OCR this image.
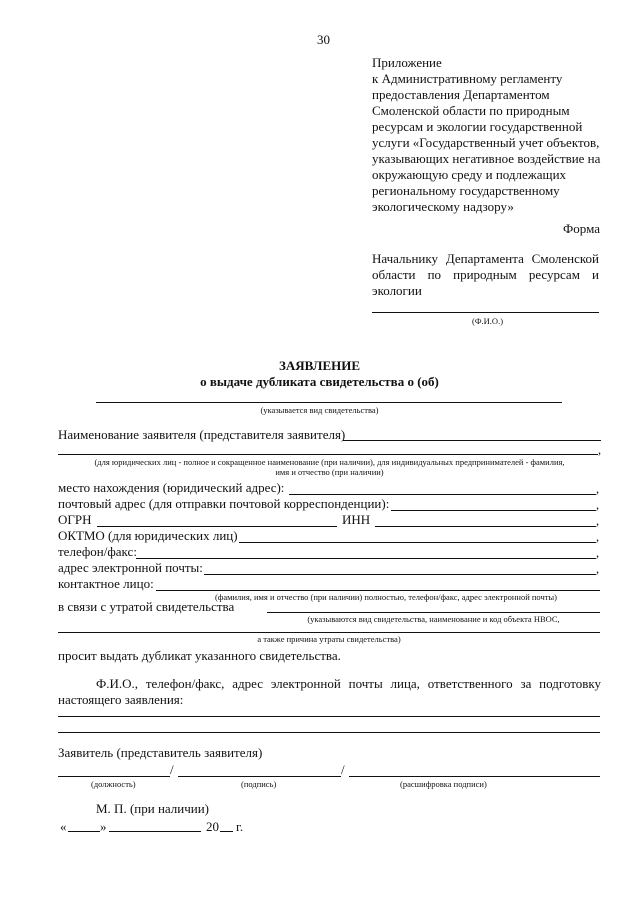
30
Приложение
к Административному регламенту
предоставления Департаментом
Смоленской области по природным
ресурсам и экологии государственной
услуги «Государственный учет объектов,
указывающих негативное воздействие на
окружающую среду и подлежащих
региональному государственному
экологическому надзору»
Форма
Начальнику Департамента Смоленской
области по природным ресурсам и
экологии
(Ф.И.О.)
ЗАЯВЛЕНИЕ
о выдаче дубликата свидетельства о (об)
(указывается вид свидетельства)
Наименование заявителя (представителя заявителя)
,
(для юридических лиц - полное и сокращенное наименование (при наличии), для индивидуальных предпринимателей - фамилия,
имя и отчество (при наличии)
место нахождения (юридический адрес):	,
почтовый адрес (для отправки почтовой корреспонденции):	,
ОГРН	ИНН	,
ОКТМО (для юридических лиц)	,
телефон/факс:	,
адрес электронной почты:	,
контактное лицо:
(фамилия, имя и отчество (при наличии) полностью, телефон/факс, адрес электронной почты)
в связи с утратой свидетельства
(указываются вид свидетельства, наименование и код объекта НВОС,
а также причина утраты свидетельства)
просит выдать дубликат указанного свидетельства.
Ф.И.О., телефон/факс, адрес электронной почты лица, ответственного за подготовку
настоящего заявления:
Заявитель (представитель заявителя)
/	/
(должность)	(подпись)	(расшифровка подписи)
М. П. (при наличии)
«	»	20 г.
